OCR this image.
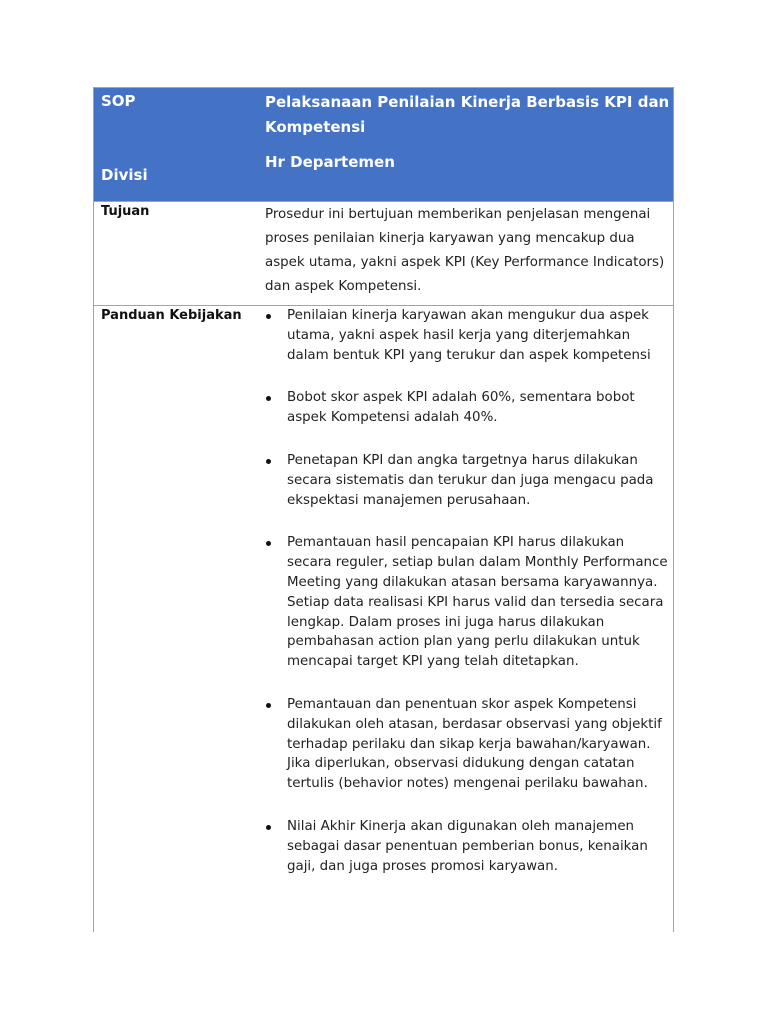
SOP
Divisi
Pelaksanaan Penilaian Kinerja Berbasis KPI dan Kompetensi
Hr Departemen
Tujuan	Prosedur ini bertujuan memberikan penjelasan mengenai proses penilaian kinerja karyawan yang mencakup dua aspek utama, yakni aspek KPI (Key Performance Indicators) dan aspek Kompetensi.
Panduan Kebijakan	Penilaian kinerja karyawan akan mengukur dua aspek utama, yakni aspek hasil kerja yang diterjemahkan dalam bentuk KPI yang terukur dan aspek kompetensi
Bobot skor aspek KPI adalah 60%, sementara bobot aspek Kompetensi adalah 40%.
Penetapan KPI dan angka targetnya harus dilakukan secara sistematis dan terukur dan juga mengacu pada ekspektasi manajemen perusahaan.
Pemantauan hasil pencapaian KPI harus dilakukan secara reguler, setiap bulan dalam Monthly Performance Meeting yang dilakukan atasan bersama karyawannya. Setiap data realisasi KPI harus valid dan tersedia secara lengkap. Dalam proses ini juga harus dilakukan pembahasan action plan yang perlu dilakukan untuk mencapai target KPI yang telah ditetapkan.
Pemantauan dan penentuan skor aspek Kompetensi dilakukan oleh atasan, berdasar observasi yang objektif terhadap perilaku dan sikap kerja bawahan/karyawan. Jika diperlukan, observasi didukung dengan catatan tertulis (behavior notes) mengenai perilaku bawahan.
Nilai Akhir Kinerja akan digunakan oleh manajemen sebagai dasar penentuan pemberian bonus, kenaikan gaji, dan juga proses promosi karyawan.
